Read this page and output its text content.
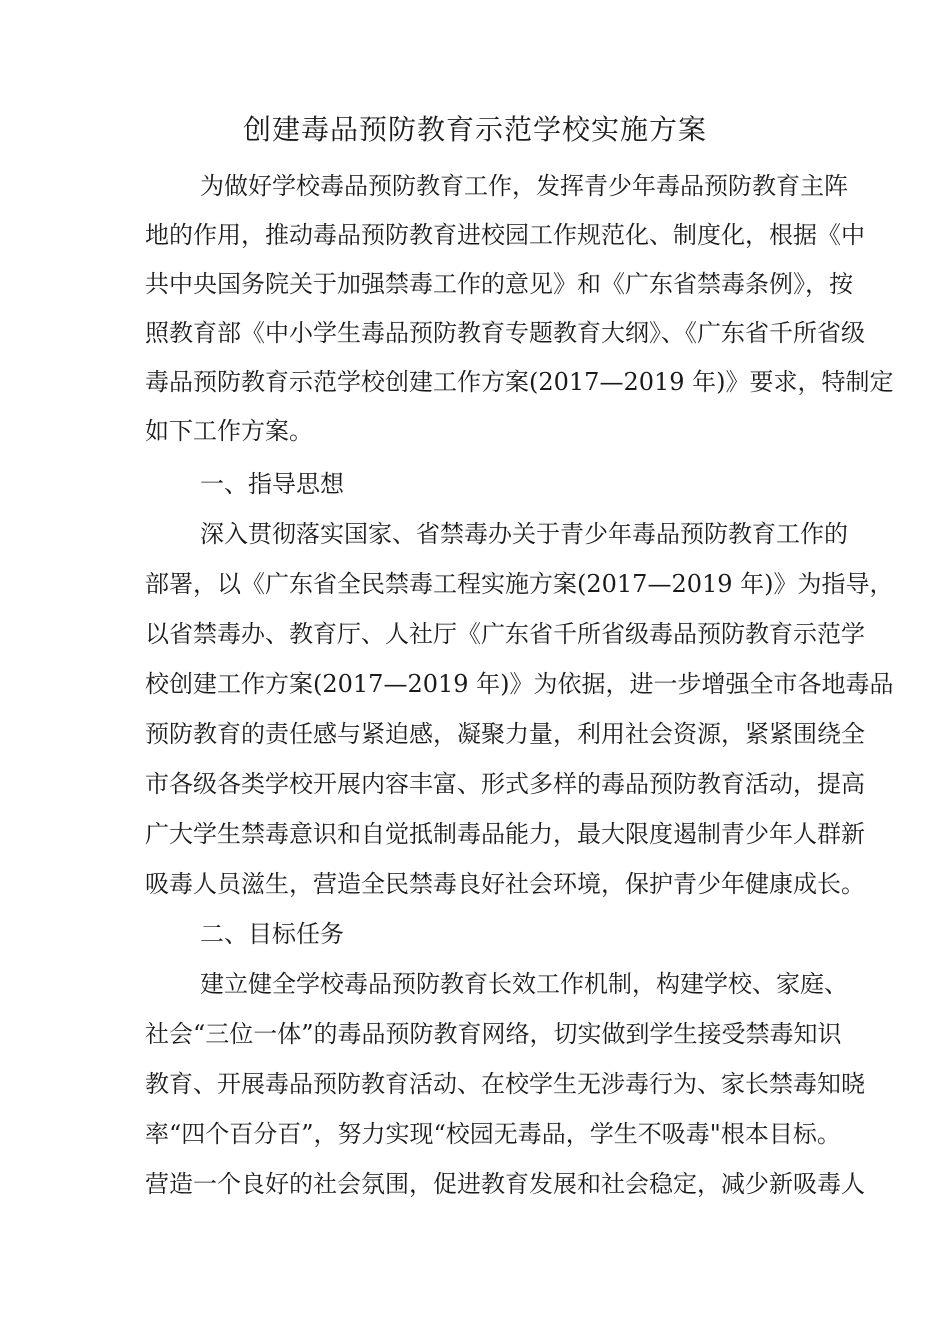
创建毒品预防教育示范学校实施方案
为做好学校毒品预防教育工作，发挥青少年毒品预防教育主阵
地的作用，推动毒品预防教育进校园工作规范化、制度化，根据《中
共中央国务院关于加强禁毒工作的意见》和《广东省禁毒条例》，按
照教育部《中小学生毒品预防教育专题教育大纲》、《广东省千所省级
毒品预防教育示范学校创建工作方案(2017—2019 年)》要求，特制定
如下工作方案。
一、指导思想
深入贯彻落实国家、省禁毒办关于青少年毒品预防教育工作的
部署，以《广东省全民禁毒工程实施方案(2017—2019 年)》为指导，
以省禁毒办、教育厅、人社厅《广东省千所省级毒品预防教育示范学
校创建工作方案(2017—2019 年)》为依据，进一步增强全市各地毒品
预防教育的责任感与紧迫感，凝聚力量，利用社会资源，紧紧围绕全
市各级各类学校开展内容丰富、形式多样的毒品预防教育活动，提高
广大学生禁毒意识和自觉抵制毒品能力，最大限度遏制青少年人群新
吸毒人员滋生，营造全民禁毒良好社会环境，保护青少年健康成长。
二、目标任务
建立健全学校毒品预防教育长效工作机制，构建学校、家庭、
社会“三位一体”的毒品预防教育网络，切实做到学生接受禁毒知识
教育、开展毒品预防教育活动、在校学生无涉毒行为、家长禁毒知晓
率“四个百分百”，努力实现“校园无毒品，学生不吸毒"根本目标。
营造一个良好的社会氛围，促进教育发展和社会稳定，减少新吸毒人
